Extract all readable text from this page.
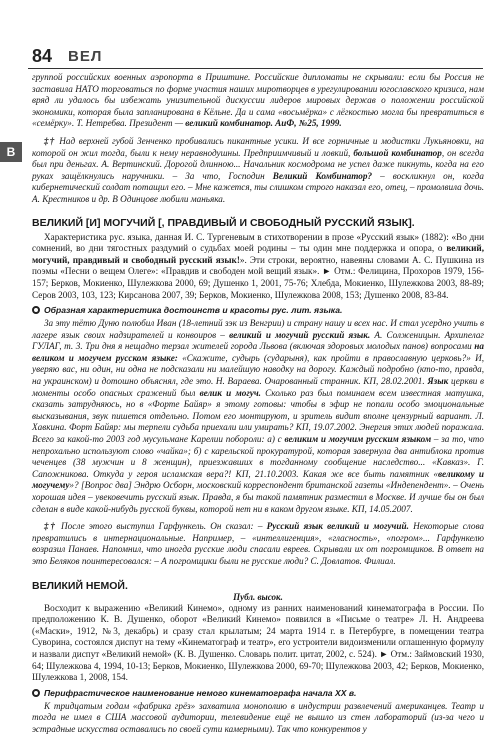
84 ВЕЛ
В

группой российских военных аэропорта в Приштине. Российские дипломаты не скрывали: если бы Россия не заставила НАТО торговаться по форме участия наших миротворцев в урегулировании югославского кризиса, нам вряд ли удалось бы избежать унизительной дискуссии лидеров мировых держав о положении российской экономики, которая была запланирована в Кёльне. Да и сама «восьмёрка» с лёгкостью могла бы превратиться в «семёрку». Т. Нетребва. Президент — великий комбинатор. АиФ, №25, 1999.

‡† Над верхней губой Зенченко пробивались пикантные усики. И все горничные и модистки Лукьяновки, на которой он жил тогда, были к нему неравнодушны. Предприимчивый и ловкий, большой комбинатор, он всегда был при деньгах. А. Вертинский. Дорогой длинною... Начальник космодрома не успел даже пикнуть, когда на его руках защёлкнулись наручники. – За что, Господин Великий Комбинатор? – воскликнул он, когда кибернетический солдат потащил его. – Мне кажется, ты слишком строго наказал его, отец, – промолвила дочь. А. Крестников и др. В Одинцове любили маньяка.

ВЕЛИКИЙ [И] МОГУЧИЙ [, ПРАВДИВЫЙ И СВОБОДНЫЙ РУССКИЙ ЯЗЫК].

Характеристика рус. языка, данная И. С. Тургеневым в стихотворении в прозе «Русский язык» (1882): «Во дни сомнений, во дни тягостных раздумий о судьбах моей родины – ты один мне поддержка и опора, о великий, могучий, правдивый и свободный русский язык!». Эти строки, вероятно, навеяны словами А. С. Пушкина из поэмы «Песни о вещем Олеге»: «Правдив и свободен мой вещий язык». ► Отм.: Фелицина, Прохоров 1979, 156-157; Берков, Мокиенко, Шулежкова 2000, 69; Душенко 1, 2001, 75-76; Хлебда, Мокиенко, Шулежкова 2003, 88-89; Серов 2003, 103, 123; Кирсанова 2007, 39; Берков, Мокиенко, Шулежкова 2008, 153; Душенко 2008, 83-84.

Образная характеристика достоинств и красоты рус. лит. языка.

За эту тётю Дуню полюбил Иван (18-летний зэк из Венгрии) и страну нашу и всех нас. И стал усердно учить в лагере язык своих надзирателей и конвоиров – великий и могучий русский язык. А. Солженицын. Архипелаг ГУЛАГ, т. 3. Три дня я нещадно терзал жителей города Львова (включая здоровых молодых панов) вопросами на великом и могучем русском языке: «Скажите, судырь (сударыня), как пройти в православную церковь?» И, уверяю вас, ни один, ни одна не подсказали ни малейшую наводку на дорогу. Каждый подробно (кто-то, правда, на украинском) и дотошно объяснял, где это. Н. Вараева. Очарованный странник. КП, 28.02.2001. Язык церкви в моменты особо опасных сражений был велик и могуч. Сколько раз был поминаем всем известная матушка, сказать затрудняюсь, но в «Форте Байяр» я этому готовы: чтобы в эфир не попали особо эмоциональные высказывания, звук пишется отдельно. Потом его монтируют, и зритель видит вполне цензурный вариант. Л. Хавкина. Форт Байяр: мы терпели судьба приехали или умирать? КП, 19.07.2002. Энергия этих людей поражала. Всего за какой-то 2003 год мусульмане Карелии побороли: а) с великим и могучим русским языком – за то, что непрохально используют слово «чайка»; б) с карельской прокуратурой, которая завернула два антиблока против чеченцев (38 мужчин и 8 женщин), приезжавших в тогданному сообщение наследство... «Кавказ». Г. Сапожникова. Откуда у героя исламская вера?! КП, 21.10.2003. Какая же все быть памятник «великому и могучему»? [Вопрос два] Эндрю Осборн, московский корреспондент британской газеты «Индепендент». – Очень хорошая идея – увековечить русский язык. Правда, я бы такой памятник разместил в Москве. И лучше бы он был сделан в виде какой-нибудь русской буквы, которой нет ни в каком другом языке. КП, 14.05.2007.

‡† После этого выступил Гарфункель. Он сказал: – Русский язык великий и могучий. Некоторые слова превратились в интернациональные. Например, – «интеллигенция», «гласность», «погром»... Гарфункелю возразил Панаев. Напомнил, что иногда русские люди спасали евреев. Скрывали их от погромщиков. В ответ на это Беляков поинтересовался: – А погромщики были не русские люди? С. Довлатов. Филиал.

ВЕЛИКИЙ НЕМОЙ.

Публ. высок.

Восходит к выражению «Великий Кинемо», одному из ранних наименований кинематографа в России. По предположению К. В. Душенко, оборот «Великий Кинемо» появился в «Письме о театре» Л. Н. Андреева («Маски», 1912, №3, декабрь) и сразу стал крылатым; 24 марта 1914 г. в Петербурге, в помещении театра Суворина, состоялся диспут на тему «Кинематограф и театр», его устроители видоизменили оглашенную формулу и назвали диспут «Великий немой» (К. В. Душенко. Словарь полит. цитат, 2002, с. 524). ► Отм.: Займовский 1930, 64; Шулежкова 4, 1994, 10-13; Берков, Мокиенко, Шулежкова 2000, 69-70; Шулежкова 2003, 42; Берков, Мокиенко, Шулежкова 1, 2008, 154.

Перифрастическое наименование немого кинематографа начала XX в.

К тридцатым годам «фабрика грёз» захватила монополию в индустрии развлечений американцев. Театр и тогда не имел в США массовой аудитории, телевидение ещё не вышло из стен лабораторий (из-за чего и эстрадные искусства оставались по своей сути камерными). Так что конкурентов у
